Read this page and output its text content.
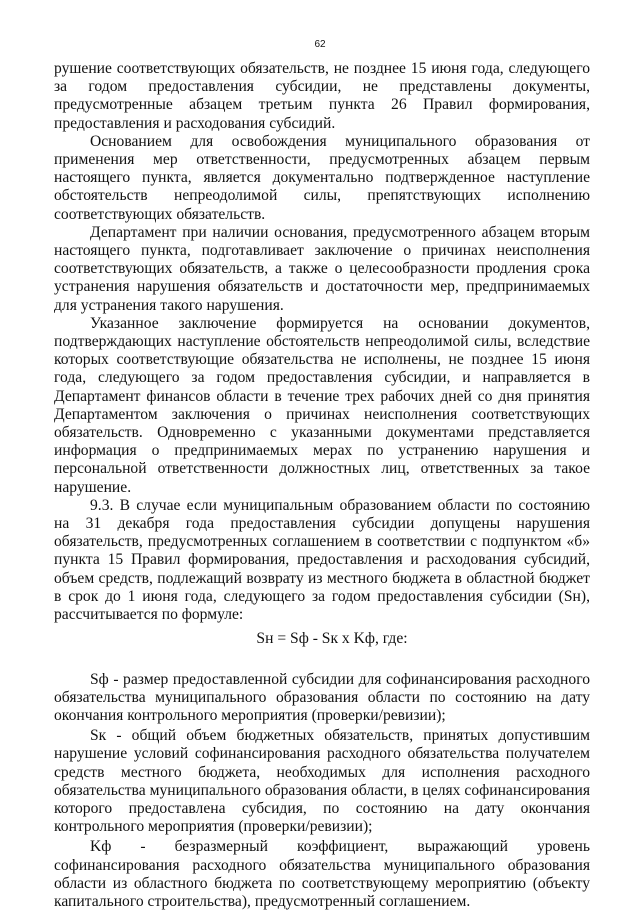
62

рушение соответствующих обязательств, не позднее 15 июня года, следующего за годом предоставления субсидии, не представлены документы, предусмотренные абзацем третьим пункта 26 Правил формирования, предоставления и расходования субсидий.

Основанием для освобождения муниципального образования от применения мер ответственности, предусмотренных абзацем первым настоящего пункта, является документально подтвержденное наступление обстоятельств непреодолимой силы, препятствующих исполнению соответствующих обязательств.

Департамент при наличии основания, предусмотренного абзацем вторым настоящего пункта, подготавливает заключение о причинах неисполнения соответствующих обязательств, а также о целесообразности продления срока устранения нарушения обязательств и достаточности мер, предпринимаемых для устранения такого нарушения.

Указанное заключение формируется на основании документов, подтверждающих наступление обстоятельств непреодолимой силы, вследствие которых соответствующие обязательства не исполнены, не позднее 15 июня года, следующего за годом предоставления субсидии, и направляется в Департамент финансов области в течение трех рабочих дней со дня принятия Департаментом заключения о причинах неисполнения соответствующих обязательств. Одновременно с указанными документами представляется информация о предпринимаемых мерах по устранению нарушения и персональной ответственности должностных лиц, ответственных за такое нарушение.

9.3. В случае если муниципальным образованием области по состоянию на 31 декабря года предоставления субсидии допущены нарушения обязательств, предусмотренных соглашением в соответствии с подпунктом «б» пункта 15 Правил формирования, предоставления и расходования субсидий, объем средств, подлежащий возврату из местного бюджета в областной бюджет в срок до 1 июня года, следующего за годом предоставления субсидии (Sн), рассчитывается по формуле:

Sн = Sф - Sк х Kф, где:

Sф - размер предоставленной субсидии для софинансирования расходного обязательства муниципального образования области по состоянию на дату окончания контрольного мероприятия (проверки/ревизии);

Sк - общий объем бюджетных обязательств, принятых допустившим нарушение условий софинансирования расходного обязательства получателем средств местного бюджета, необходимых для исполнения расходного обязательства муниципального образования области, в целях софинансирования которого предоставлена субсидия, по состоянию на дату окончания контрольного мероприятия (проверки/ревизии);

Kф - безразмерный коэффициент, выражающий уровень софинансирования расходного обязательства муниципального образования области из областного бюджета по соответствующему мероприятию (объекту капитального строительства), предусмотренный соглашением.
